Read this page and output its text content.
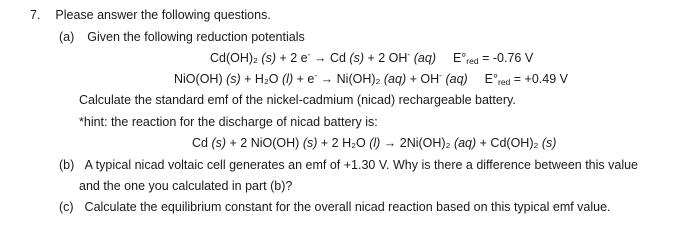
7. Please answer the following questions.
(a) Given the following reduction potentials
Cd(OH)₂ (s) + 2 e- → Cd (s) + 2 OH- (aq) $E^\circ_{red} = -0.76$ V
NiO(OH) (s) + H₂O (l) + e- → Ni(OH)₂ (aq) + OH- (aq) $E^\circ_{red} = +0.49$ V
Calculate the standard emf of the nickel-cadmium (nicad) rechargeable battery.
*hint: the reaction for the discharge of nicad battery is:
Cd (s) + 2 NiO(OH) (s) + 2 H₂O (l) → 2Ni(OH)₂ (aq) + Cd(OH)₂ (s)
(b) A typical nicad voltaic cell generates an emf of +1.30 V. Why is there a difference between this value
and the one you calculated in part (b)?
(c) Calculate the equilibrium constant for the overall nicad reaction based on this typical emf value.
